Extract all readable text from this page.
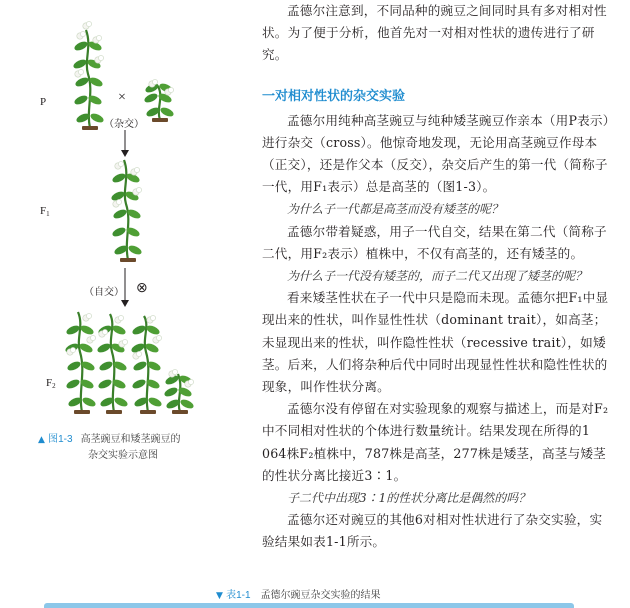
P	×
（杂交）
$F_1$
（自交） ⊗
$F_2$
▲ 图1-3 高茎豌豆和矮茎豌豆的
杂交实验示意图

孟德尔注意到，不同品种的豌豆之间同时具有多对相对性状。为了便于分析，他首先对一对相对性状的遗传进行了研究。

一对相对性状的杂交实验

孟德尔用纯种高茎豌豆与纯种矮茎豌豆作亲本（用P表示）进行杂交（cross）。他惊奇地发现，无论用高茎豌豆作母本（正交），还是作父本（反交），杂交后产生的第一代（简称子一代，用F₁表示）总是高茎的（图1-3）。

为什么子一代都是高茎而没有矮茎的呢？

孟德尔带着疑惑，用子一代自交，结果在第二代（简称子二代，用F₂表示）植株中，不仅有高茎的，还有矮茎的。

为什么子一代没有矮茎的，而子二代又出现了矮茎的呢？

看来矮茎性状在子一代中只是隐而未现。孟德尔把F₁中显现出来的性状，叫作显性性状（dominant trait），如高茎；未显现出来的性状，叫作隐性性状（recessive trait），如矮茎。后来，人们将杂种后代中同时出现显性性状和隐性性状的现象，叫作性状分离。

孟德尔没有停留在对实验现象的观察与描述上，而是对F₂中不同相对性状的个体进行数量统计。结果发现在所得的1 064株F₂植株中，787株是高茎，277株是矮茎，高茎与矮茎的性状分离比接近3∶1。

子二代中出现3∶1的性状分离比是偶然的吗？

孟德尔还对豌豆的其他6对相对性状进行了杂交实验，实验结果如表1-1所示。

▼ 表1-1 孟德尔豌豆杂交实验的结果
